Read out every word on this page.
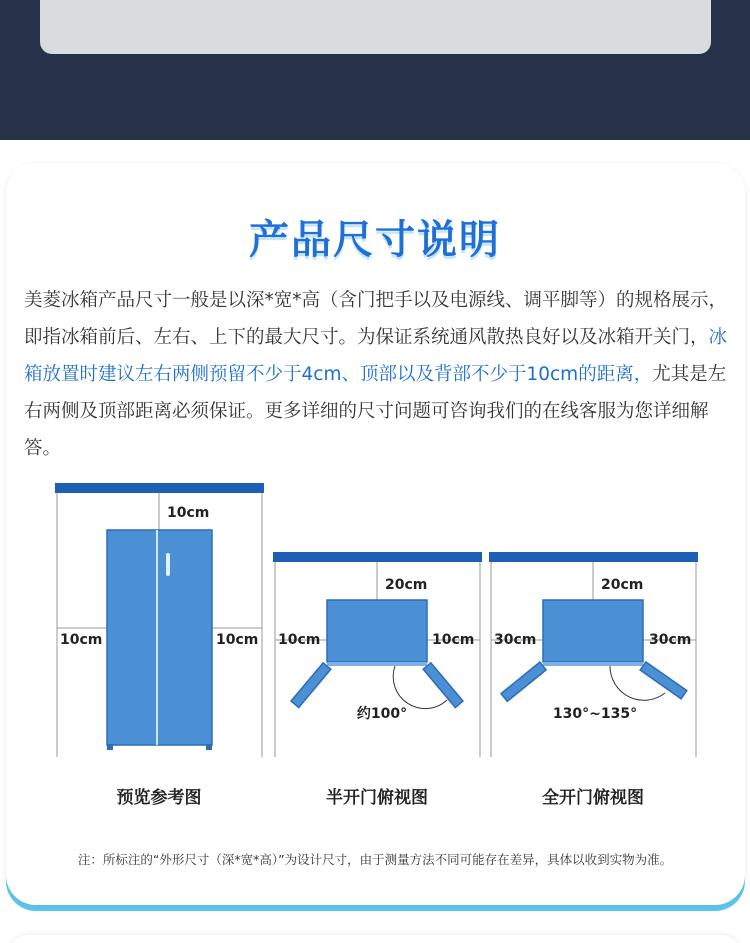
产品尺寸说明
美菱冰箱产品尺寸一般是以深*宽*高（含门把手以及电源线、调平脚等）的规格展示，即指冰箱前后、左右、上下的最大尺寸。为保证系统通风散热良好以及冰箱开关门，冰箱放置时建议左右两侧预留不少于4cm、顶部以及背部不少于10cm的距离，尤其是左右两侧及顶部距离必须保证。更多详细的尺寸问题可咨询我们的在线客服为您详细解答。
10cm
10cm	10cm
预览参考图
20cm
10cm	10cm
约100°
半开门俯视图
20cm
30cm	30cm
130°~135°
全开门俯视图
注：所标注的“外形尺寸（深*宽*高）”为设计尺寸，由于测量方法不同可能存在差异，具体以收到实物为准。
